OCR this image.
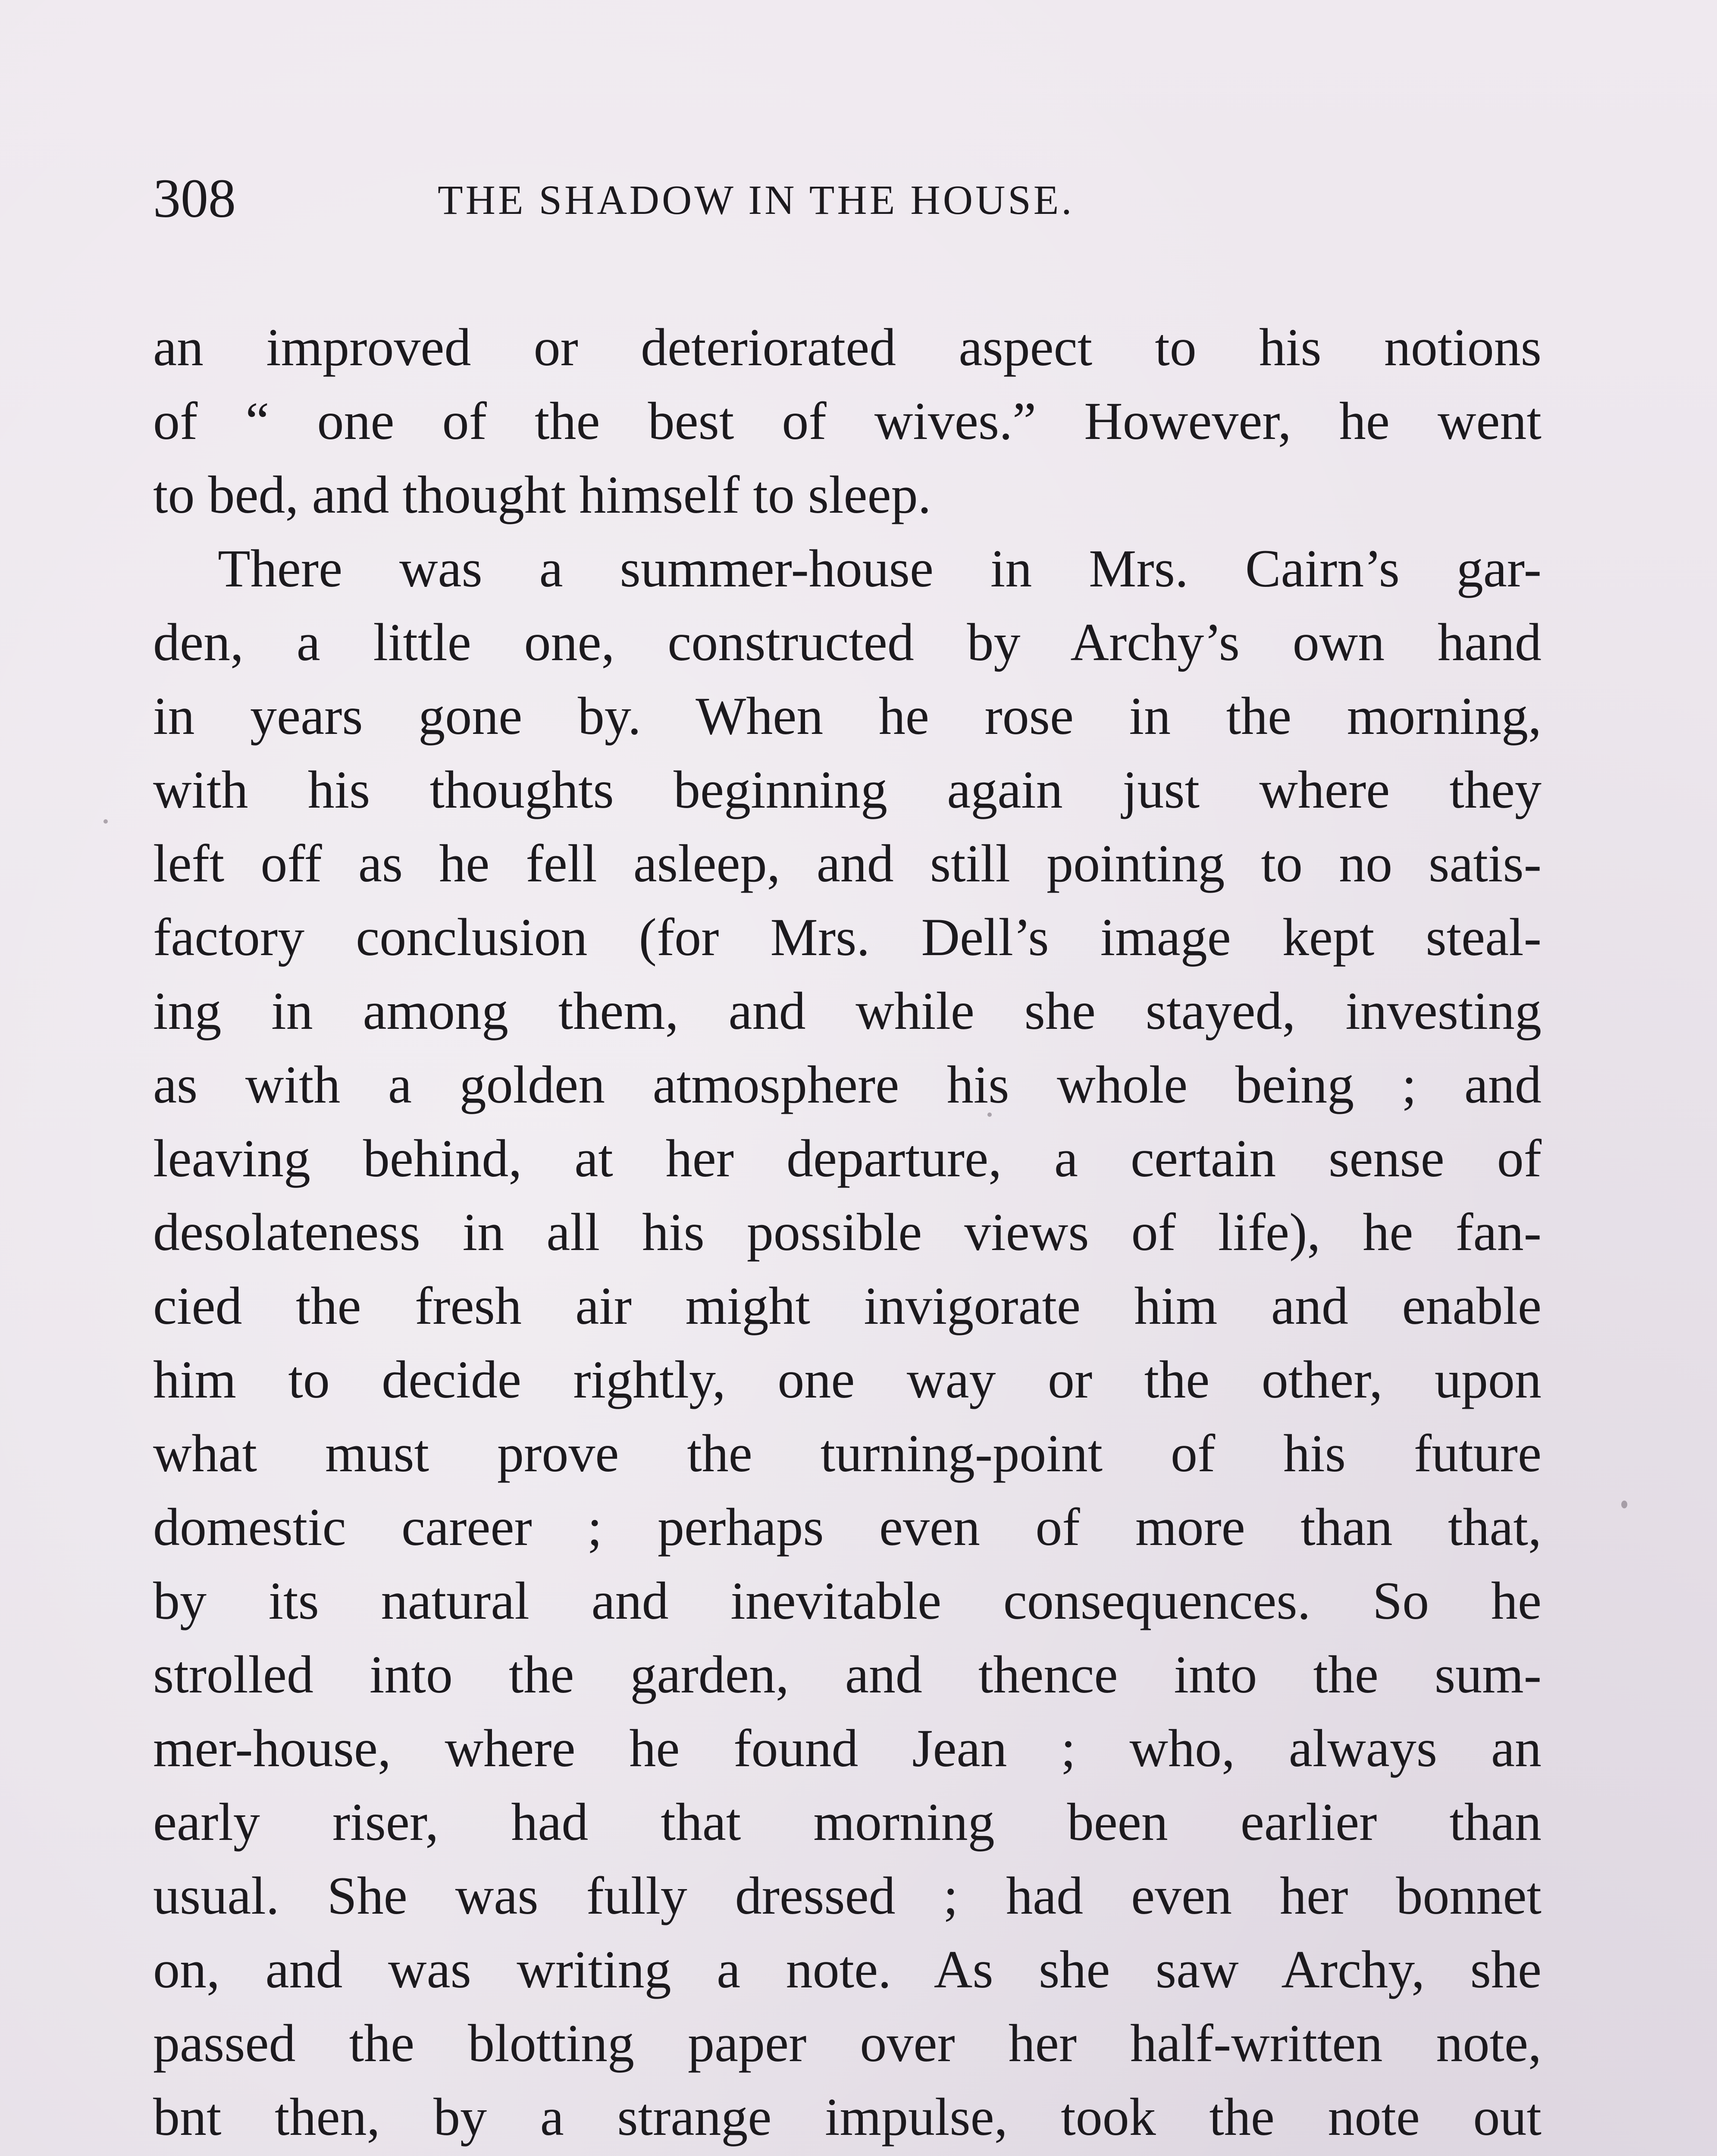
308	THE SHADOW IN THE HOUSE.
an improved or deteriorated aspect to his notions
of “ one of the best of wives.” However, he went
to bed, and thought himself to sleep.
There was a summer-house in Mrs. Cairn’s gar-
den, a little one, constructed by Archy’s own hand
in years gone by. When he rose in the morning,
with his thoughts beginning again just where they
left off as he fell asleep, and still pointing to no satis-
factory conclusion (for Mrs. Dell’s image kept steal-
ing in among them, and while she stayed, investing
as with a golden atmosphere his whole being ; and
leaving behind, at her departure, a certain sense of
desolateness in all his possible views of life), he fan-
cied the fresh air might invigorate him and enable
him to decide rightly, one way or the other, upon
what must prove the turning-point of his future
domestic career ; perhaps even of more than that,
by its natural and inevitable consequences. So he
strolled into the garden, and thence into the sum-
mer-house, where he found Jean ; who, always an
early riser, had that morning been earlier than
usual. She was fully dressed ; had even her bonnet
on, and was writing a note. As she saw Archy, she
passed the blotting paper over her half-written note,
bnt then, by a strange impulse, took the note out
